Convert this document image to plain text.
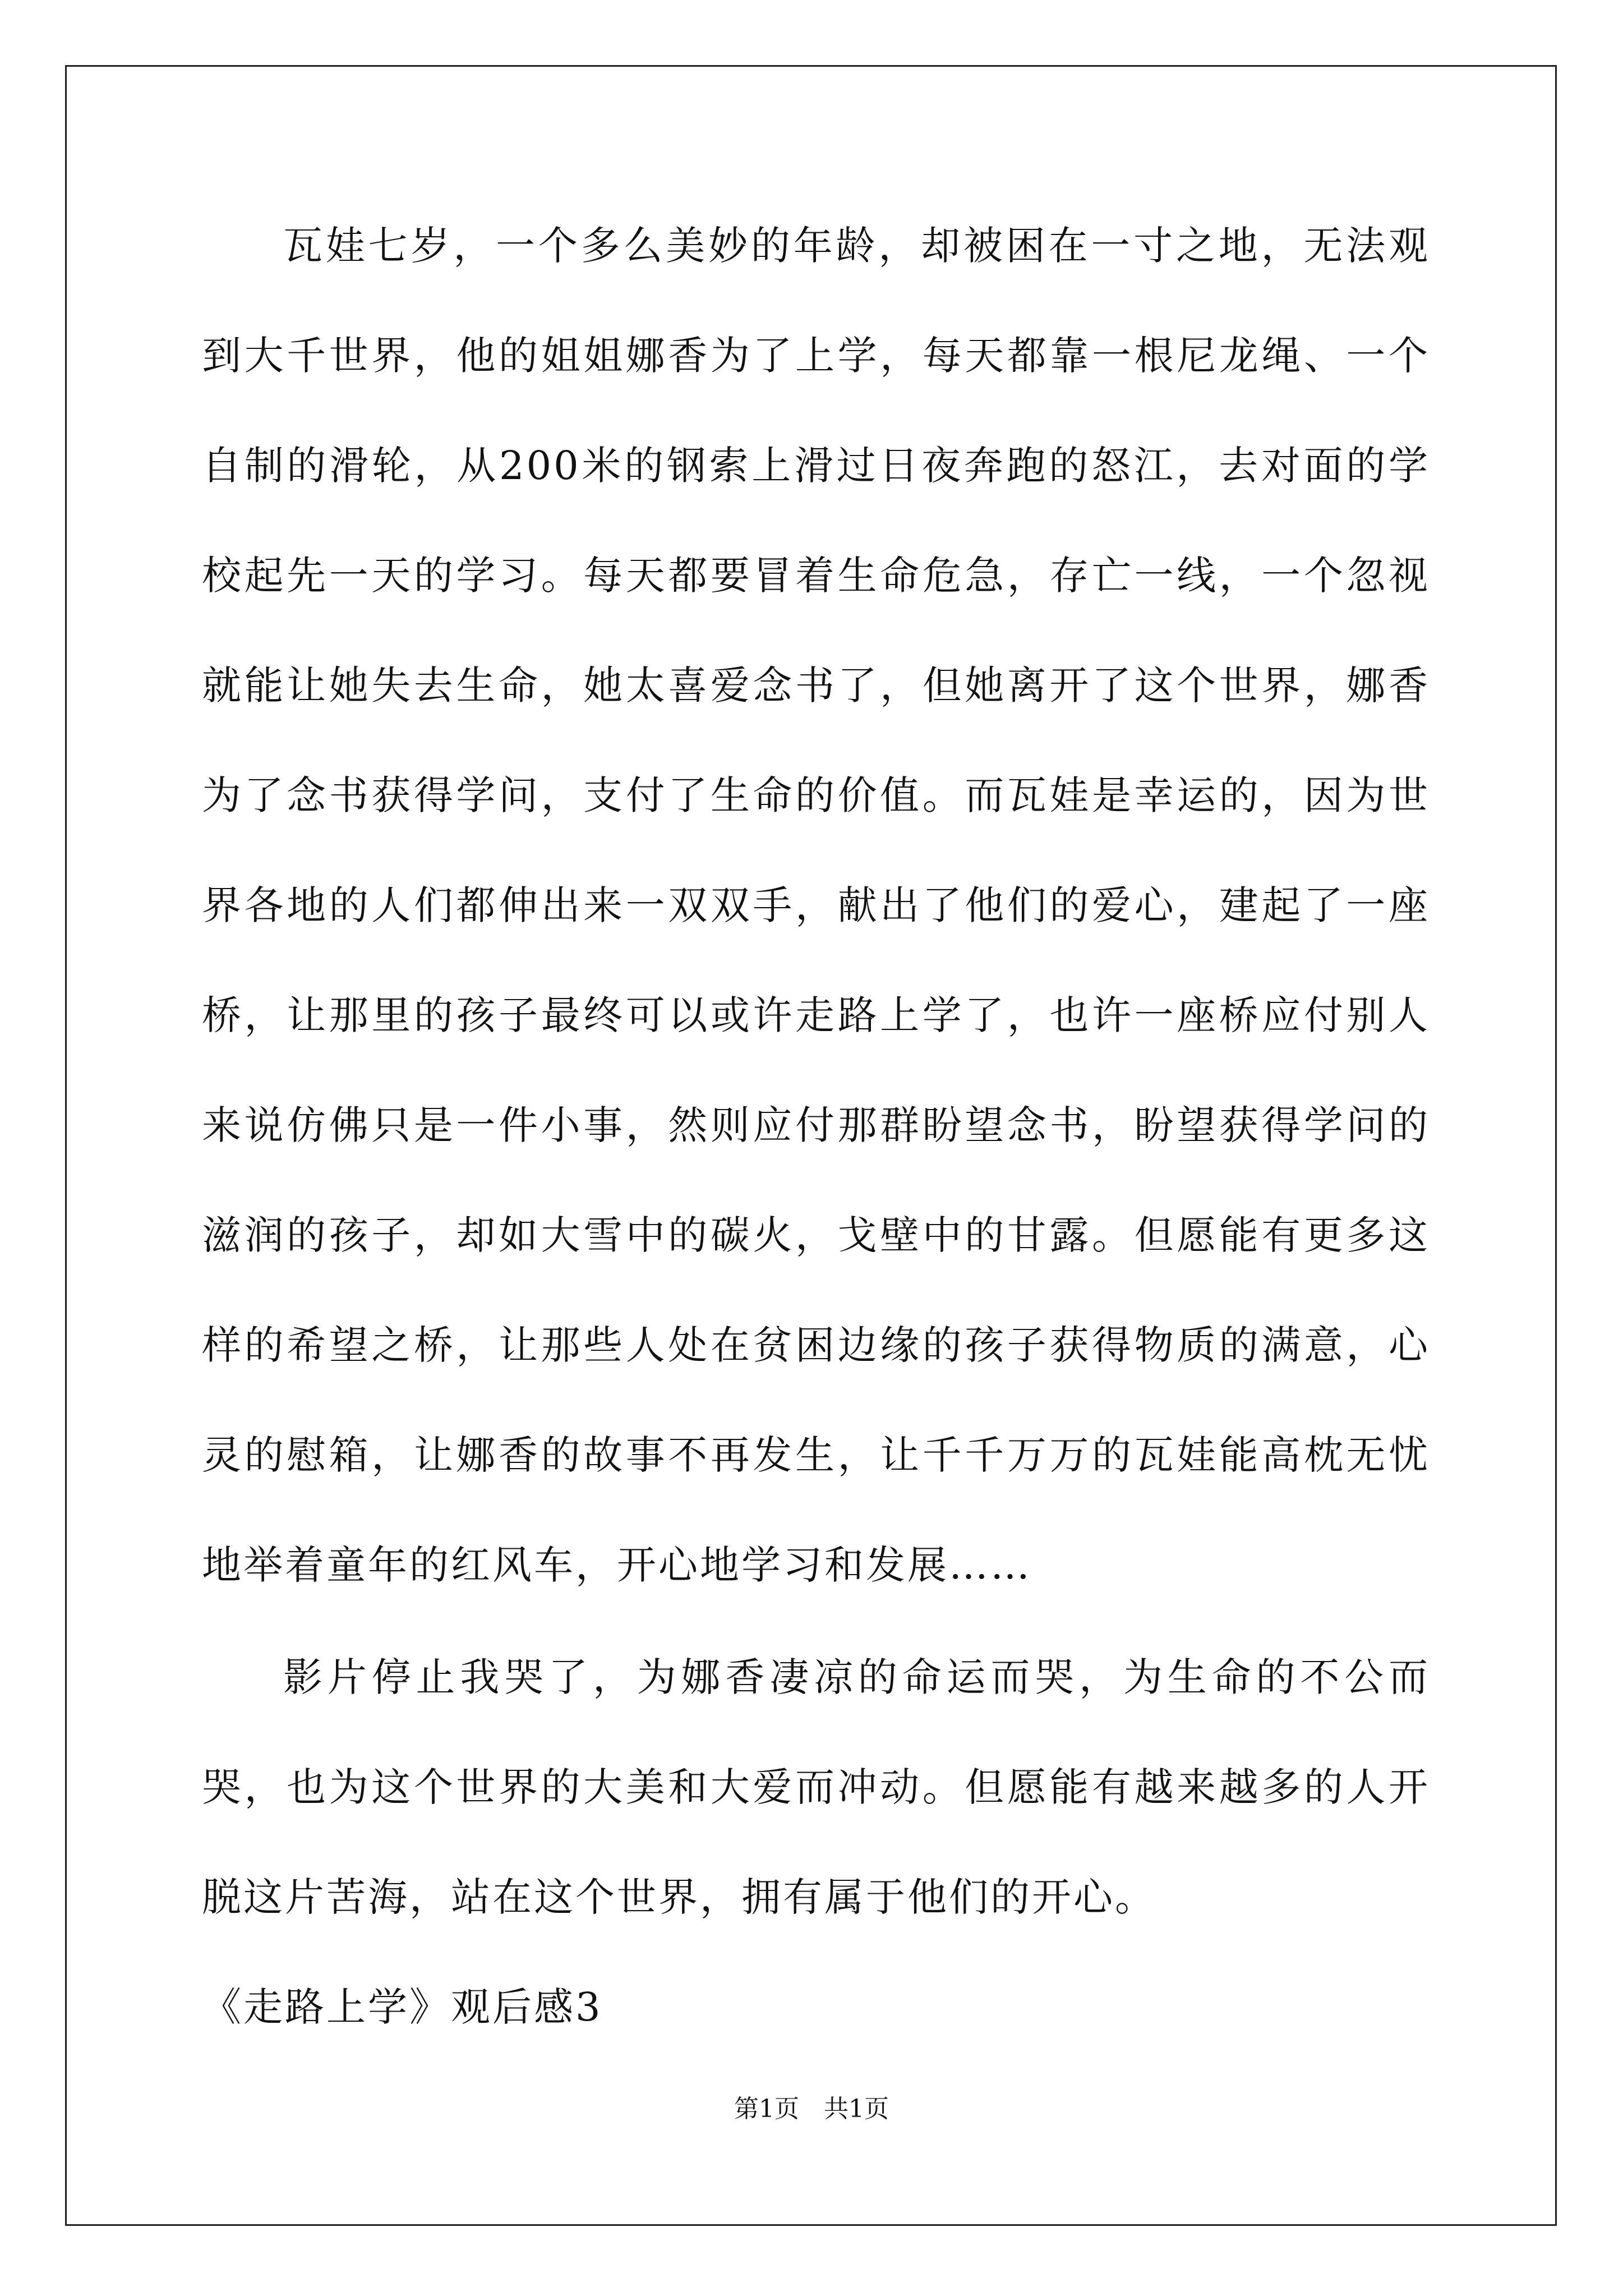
瓦娃七岁，一个多么美妙的年龄，却被困在一寸之地，无法观到大千世界，他的姐姐娜香为了上学，每天都靠一根尼龙绳、一个自制的滑轮，从200米的钢索上滑过日夜奔跑的怒江，去对面的学校起先一天的学习。每天都要冒着生命危急，存亡一线，一个忽视就能让她失去生命，她太喜爱念书了，但她离开了这个世界，娜香为了念书获得学问，支付了生命的价值。而瓦娃是幸运的，因为世界各地的人们都伸出来一双双手，献出了他们的爱心，建起了一座桥，让那里的孩子最终可以或许走路上学了，也许一座桥应付别人来说仿佛只是一件小事，然则应付那群盼望念书，盼望获得学问的滋润的孩子，却如大雪中的碳火，戈壁中的甘露。但愿能有更多这样的希望之桥，让那些人处在贫困边缘的孩子获得物质的满意，心灵的慰箱，让娜香的故事不再发生，让千千万万的瓦娃能高枕无忧地举着童年的红风车，开心地学习和发展……

影片停止我哭了，为娜香凄凉的命运而哭，为生命的不公而哭，也为这个世界的大美和大爱而冲动。但愿能有越来越多的人开脱这片苦海，站在这个世界，拥有属于他们的开心。

《走路上学》观后感3

第1页　共1页
